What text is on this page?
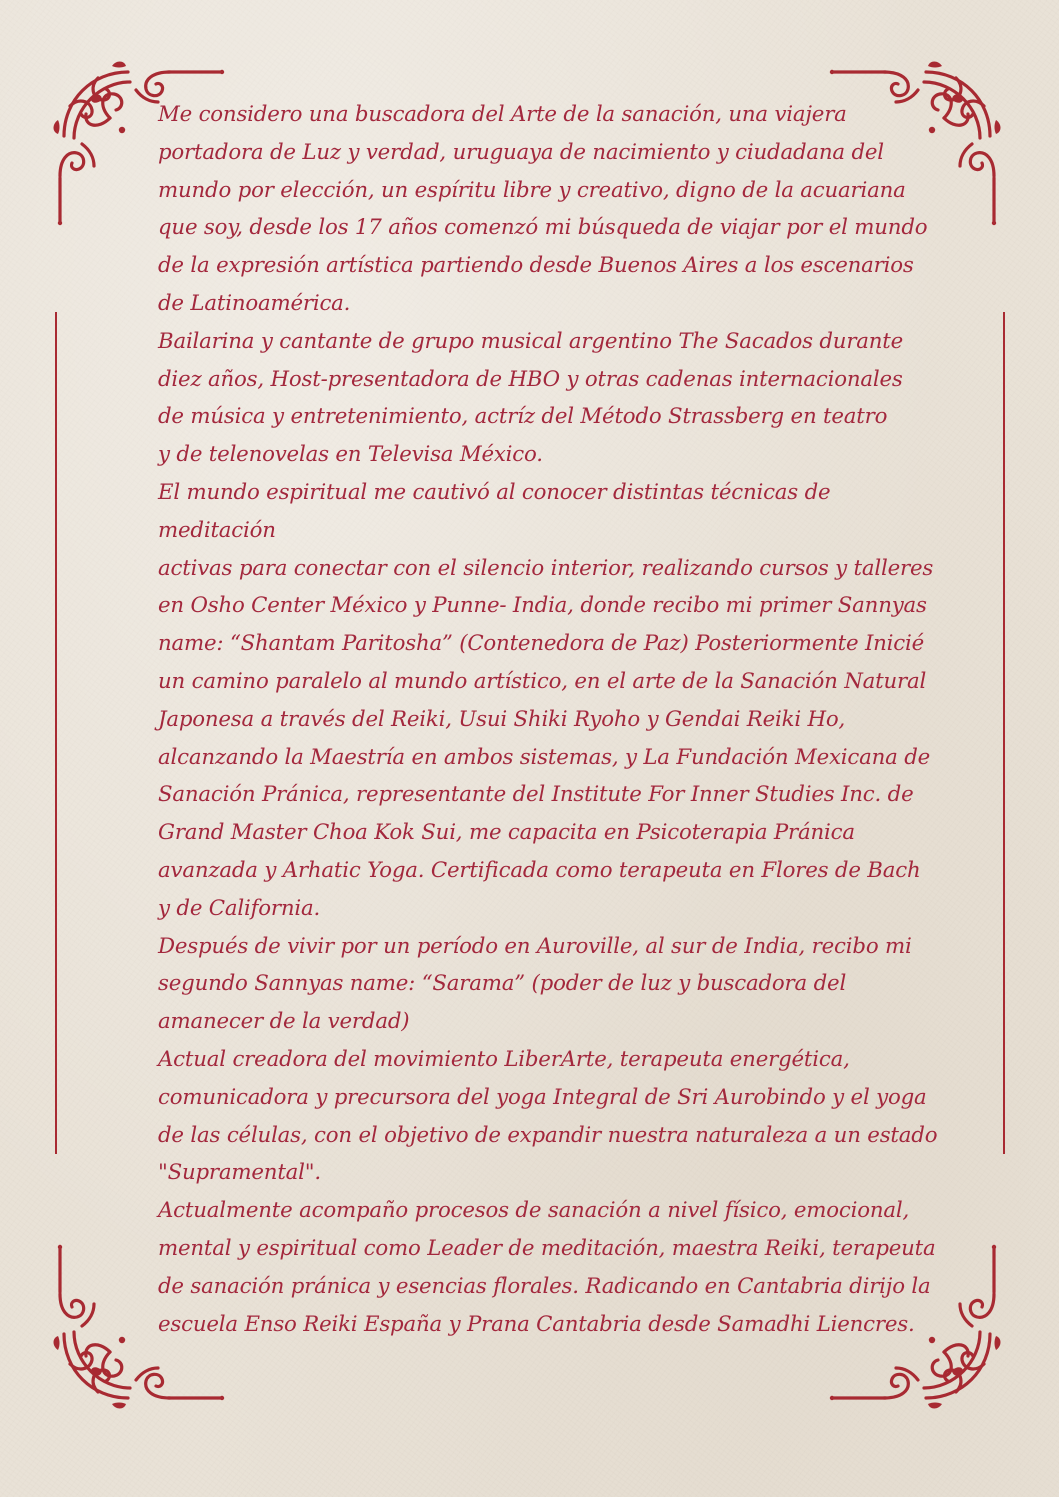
Me considero una buscadora del Arte de la sanación, una viajera
portadora de Luz y verdad, uruguaya de nacimiento y ciudadana del
mundo por elección, un espíritu libre y creativo, digno de la acuariana
que soy, desde los 17 años comenzó mi búsqueda de viajar por el mundo
de la expresión artística partiendo desde Buenos Aires a los escenarios
de Latinoamérica.
Bailarina y cantante de grupo musical argentino The Sacados durante
diez años, Host-presentadora de HBO y otras cadenas internacionales
de música y entretenimiento, actríz del Método Strassberg en teatro
y de telenovelas en Televisa México.
El mundo espiritual me cautivó al conocer distintas técnicas de meditación
activas para conectar con el silencio interior, realizando cursos y talleres
en Osho Center México y Punne- India, donde recibo mi primer Sannyas
name: “Shantam Paritosha” (Contenedora de Paz) Posteriormente Inicié
un camino paralelo al mundo artístico, en el arte de la Sanación Natural
Japonesa a través del Reiki, Usui Shiki Ryoho y Gendai Reiki Ho,
alcanzando la Maestría en ambos sistemas, y La Fundación Mexicana de
Sanación Pránica, representante del Institute For Inner Studies Inc. de
Grand Master Choa Kok Sui, me capacita en Psicoterapia Pránica
avanzada y Arhatic Yoga. Certificada como terapeuta en Flores de Bach
y de California.
Después de vivir por un período en Auroville, al sur de India, recibo mi
segundo Sannyas name: “Sarama” (poder de luz y buscadora del
amanecer de la verdad)
Actual creadora del movimiento LiberArte, terapeuta energética,
comunicadora y precursora del yoga Integral de Sri Aurobindo y el yoga
de las células, con el objetivo de expandir nuestra naturaleza a un estado
"Supramental".
Actualmente acompaño procesos de sanación a nivel físico, emocional,
mental y espiritual como Leader de meditación, maestra Reiki, terapeuta
de sanación pránica y esencias florales. Radicando en Cantabria dirijo la
escuela Enso Reiki España y Prana Cantabria desde Samadhi Liencres.
